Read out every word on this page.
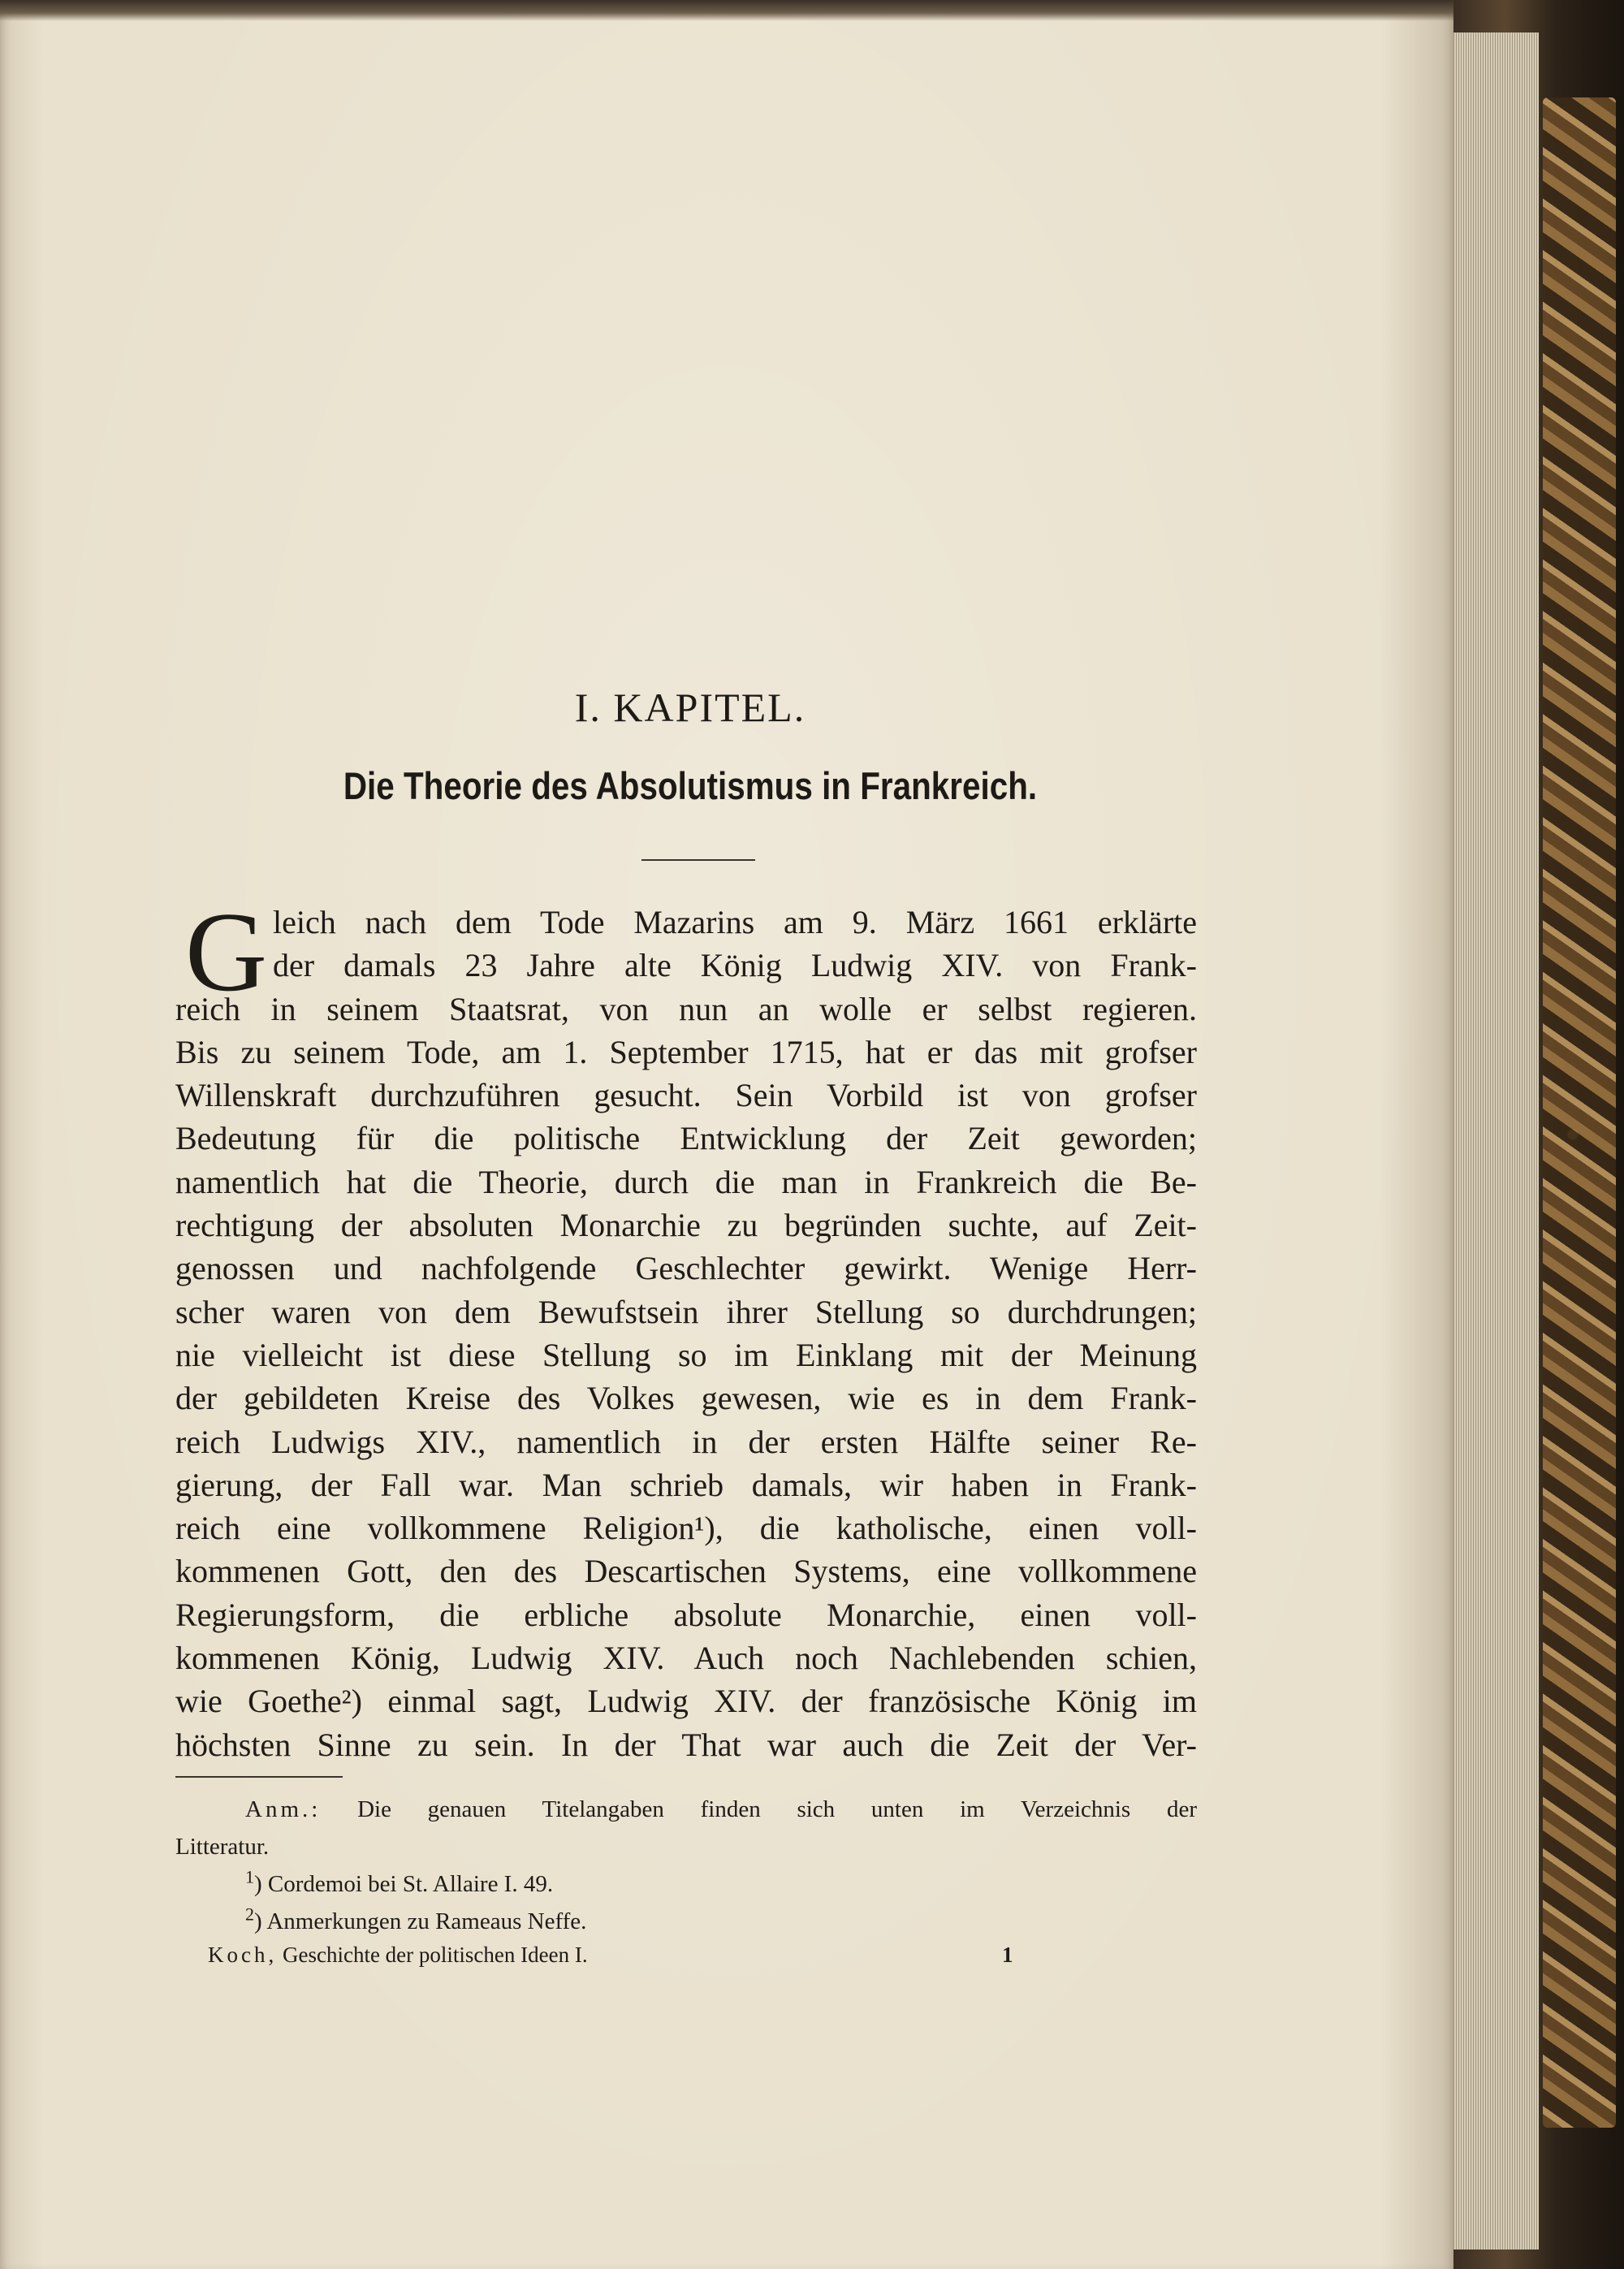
I. KAPITEL.
Die Theorie des Absolutismus in Frankreich.
G leich nach dem Tode Mazarins am 9. März 1661 erklärte
der damals 23 Jahre alte König Ludwig XIV. von Frank-
reich in seinem Staatsrat, von nun an wolle er selbst regieren.
Bis zu seinem Tode, am 1. September 1715, hat er das mit grofser
Willenskraft durchzuführen gesucht. Sein Vorbild ist von grofser
Bedeutung für die politische Entwicklung der Zeit geworden;
namentlich hat die Theorie, durch die man in Frankreich die Be-
rechtigung der absoluten Monarchie zu begründen suchte, auf Zeit-
genossen und nachfolgende Geschlechter gewirkt. Wenige Herr-
scher waren von dem Bewufstsein ihrer Stellung so durchdrungen;
nie vielleicht ist diese Stellung so im Einklang mit der Meinung
der gebildeten Kreise des Volkes gewesen, wie es in dem Frank-
reich Ludwigs XIV., namentlich in der ersten Hälfte seiner Re-
gierung, der Fall war. Man schrieb damals, wir haben in Frank-
reich eine vollkommene Religion¹), die katholische, einen voll-
kommenen Gott, den des Descartischen Systems, eine vollkommene
Regierungsform, die erbliche absolute Monarchie, einen voll-
kommenen König, Ludwig XIV. Auch noch Nachlebenden schien,
wie Goethe²) einmal sagt, Ludwig XIV. der französische König im
höchsten Sinne zu sein. In der That war auch die Zeit der Ver-
Anm.: Die genauen Titelangaben finden sich unten im Verzeichnis der
Litteratur.
$^1$) Cordemoi bei St. Allaire I. 49.
$^2$) Anmerkungen zu Rameaus Neffe.
Koch, Geschichte der politischen Ideen I.	1
